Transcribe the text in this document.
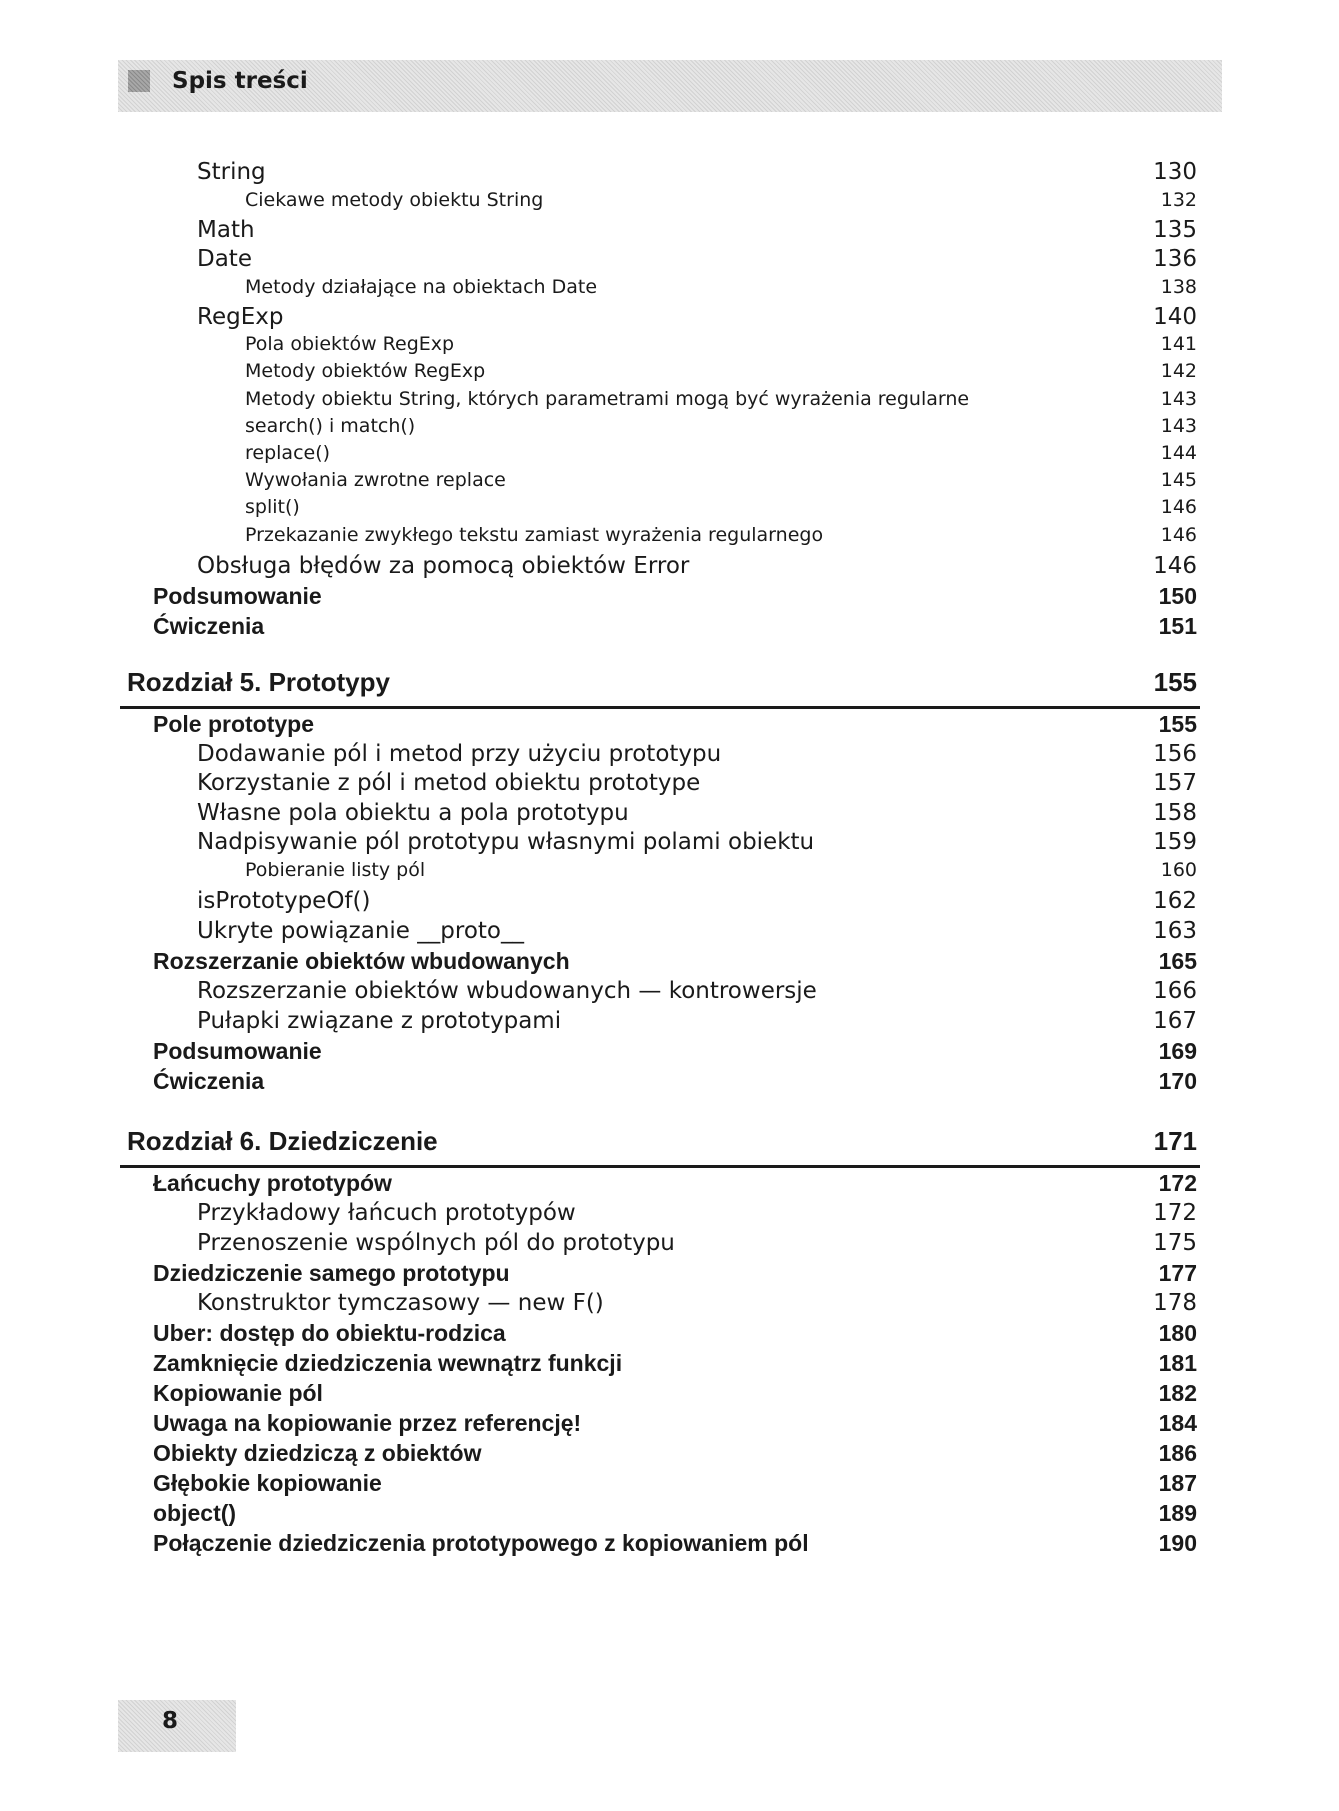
Spis treści
String	130
Ciekawe metody obiektu String	132
Math	135
Date	136
Metody działające na obiektach Date	138
RegExp	140
Pola obiektów RegExp	141
Metody obiektów RegExp	142
Metody obiektu String, których parametrami mogą być wyrażenia regularne	143
search() i match()	143
replace()	144
Wywołania zwrotne replace	145
split()	146
Przekazanie zwykłego tekstu zamiast wyrażenia regularnego	146
Obsługa błędów za pomocą obiektów Error	146
Podsumowanie	150
Ćwiczenia	151
Rozdział 5. Prototypy	155
Pole prototype	155
Dodawanie pól i metod przy użyciu prototypu	156
Korzystanie z pól i metod obiektu prototype	157
Własne pola obiektu a pola prototypu	158
Nadpisywanie pól prototypu własnymi polami obiektu	159
Pobieranie listy pól	160
isPrototypeOf()	162
Ukryte powiązanie __proto__	163
Rozszerzanie obiektów wbudowanych	165
Rozszerzanie obiektów wbudowanych — kontrowersje	166
Pułapki związane z prototypami	167
Podsumowanie	169
Ćwiczenia	170
Rozdział 6. Dziedziczenie	171
Łańcuchy prototypów	172
Przykładowy łańcuch prototypów	172
Przenoszenie wspólnych pól do prototypu	175
Dziedziczenie samego prototypu	177
Konstruktor tymczasowy — new F()	178
Uber: dostęp do obiektu-rodzica	180
Zamknięcie dziedziczenia wewnątrz funkcji	181
Kopiowanie pól	182
Uwaga na kopiowanie przez referencję!	184
Obiekty dziedziczą z obiektów	186
Głębokie kopiowanie	187
object()	189
Połączenie dziedziczenia prototypowego z kopiowaniem pól	190
8
